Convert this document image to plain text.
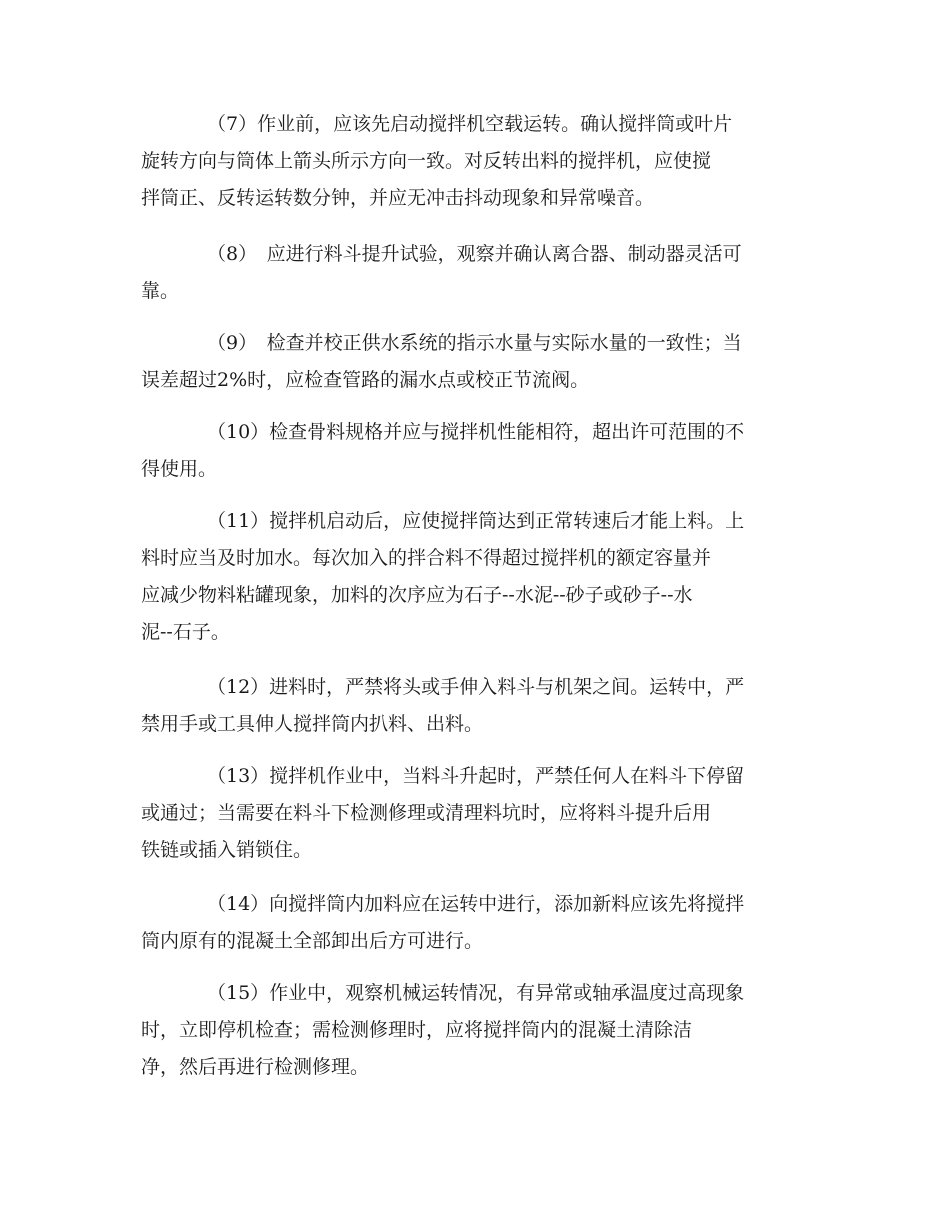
（7）作业前，应该先启动搅拌机空载运转。确认搅拌筒或叶片
旋转方向与筒体上箭头所示方向一致。对反转出料的搅拌机，应使搅
拌筒正、反转运转数分钟，并应无冲击抖动现象和异常噪音。
（8）　应进行料斗提升试验，观察并确认离合器、制动器灵活可
靠。
（9）　检查并校正供水系统的指示水量与实际水量的一致性；当
误差超过2%时，应检查管路的漏水点或校正节流阀。
（10）检查骨料规格并应与搅拌机性能相符，超出许可范围的不
得使用。
（11）搅拌机启动后，应使搅拌筒达到正常转速后才能上料。上
料时应当及时加水。每次加入的拌合料不得超过搅拌机的额定容量并
应减少物料粘罐现象，加料的次序应为石子--水泥--砂子或砂子--水
泥--石子。
（12）进料时，严禁将头或手伸入料斗与机架之间。运转中，严
禁用手或工具伸人搅拌筒内扒料、出料。
（13）搅拌机作业中，当料斗升起时，严禁任何人在料斗下停留
或通过；当需要在料斗下检测修理或清理料坑时，应将料斗提升后用
铁链或插入销锁住。
（14）向搅拌筒内加料应在运转中进行，添加新料应该先将搅拌
筒内原有的混凝土全部卸出后方可进行。
（15）作业中，观察机械运转情况，有异常或轴承温度过高现象
时，立即停机检查；需检测修理时，应将搅拌筒内的混凝土清除洁
净，然后再进行检测修理。
